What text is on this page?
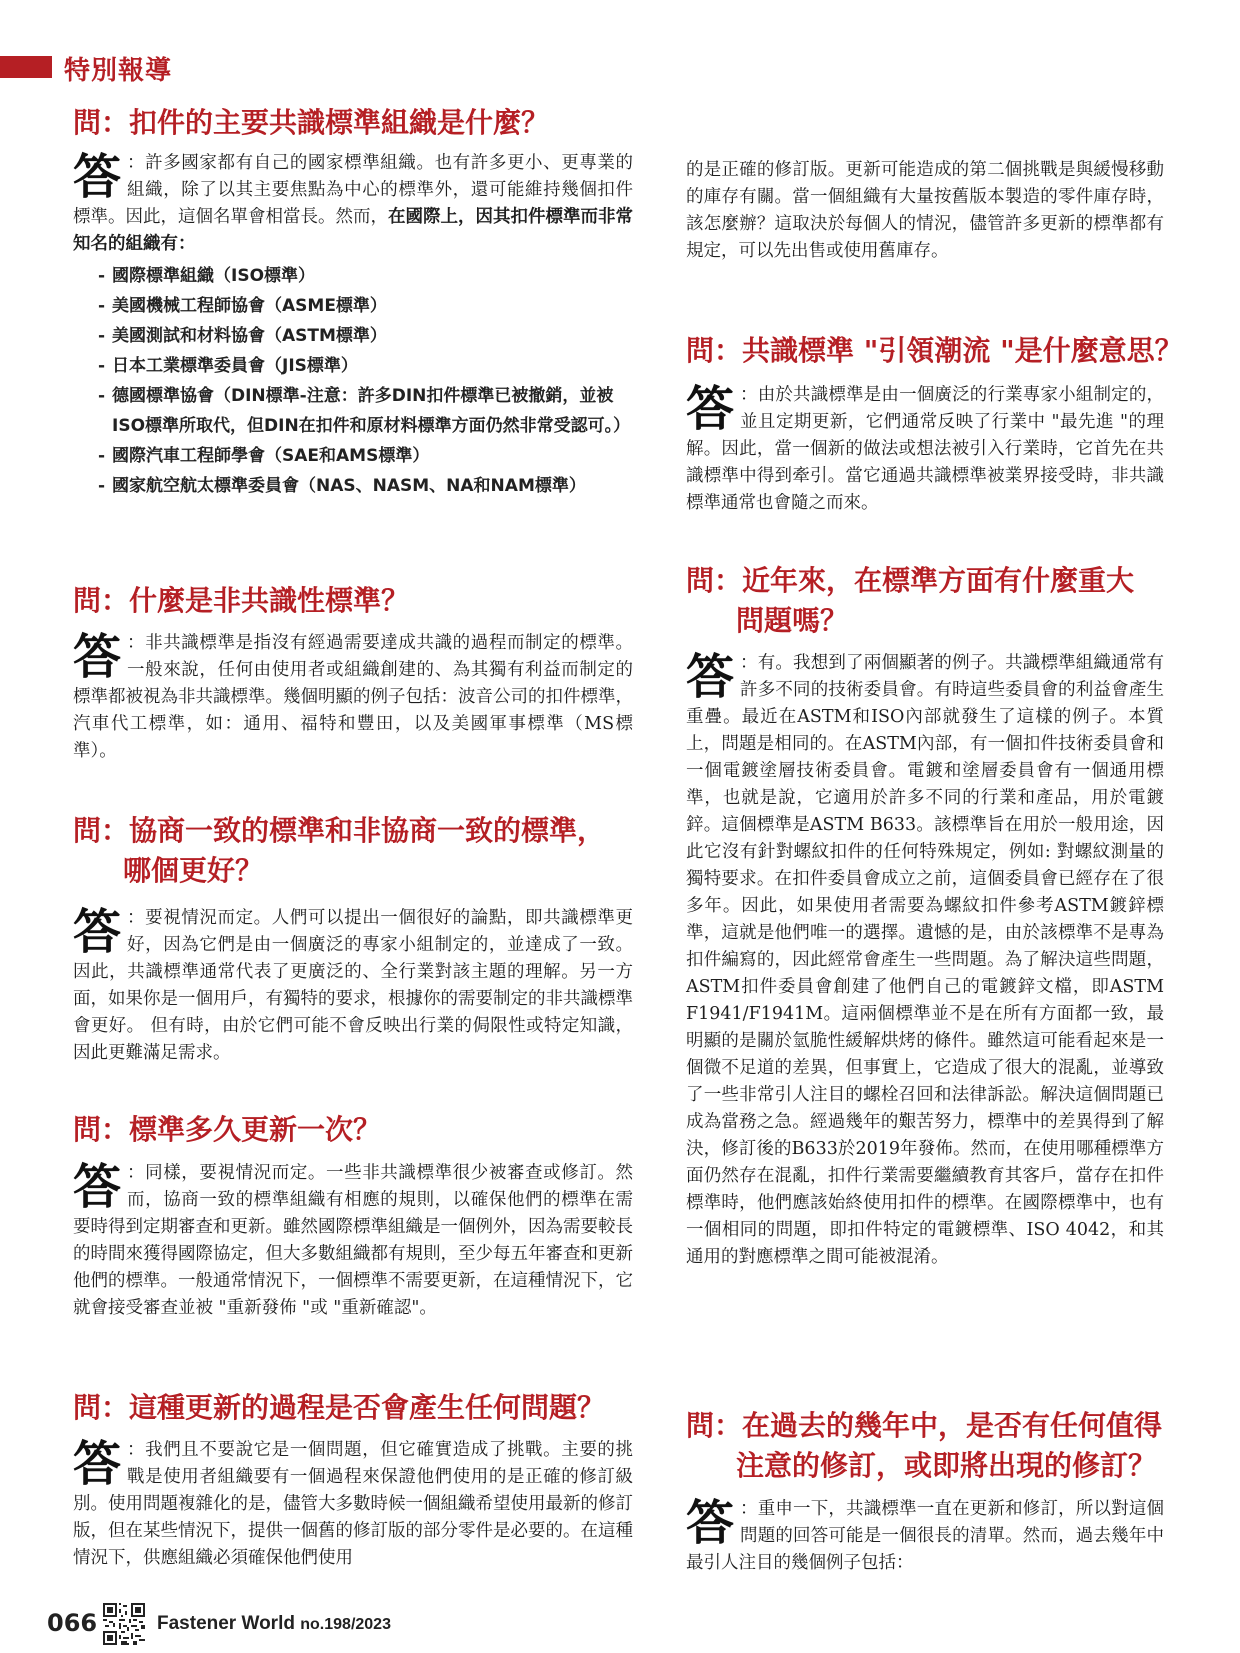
特別報導
問：扣件的主要共識標準組織是什麼？
答 ：許多國家都有自己的國家標準組織。也有許多更小、更專業的組織，除了以其主要焦點為中心的標準外，還可能維持幾個扣件標準。因此，這個名單會相當長。然而，在國際上，因其扣件標準而非常知名的組織有：
- 國際標準組織（ISO標準）
- 美國機械工程師協會（ASME標準）
- 美國測試和材料協會（ASTM標準）
- 日本工業標準委員會（JIS標準）
- 德國標準協會（DIN標準-注意：許多DIN扣件標準已被撤銷，並被ISO標準所取代，但DIN在扣件和原材料標準方面仍然非常受認可。）
- 國際汽車工程師學會（SAE和AMS標準）
- 國家航空航太標準委員會（NAS、NASM、NA和NAM標準）
問：什麼是非共識性標準？
答 ：非共識標準是指沒有經過需要達成共識的過程而制定的標準。一般來說，任何由使用者或組織創建的、為其獨有利益而制定的標準都被視為非共識標準。幾個明顯的例子包括：波音公司的扣件標準，汽車代工標準，如：通用、福特和豐田，以及美國軍事標準（MS標準）。
問：協商一致的標準和非協商一致的標準，
哪個更好？
答 ：要視情況而定。人們可以提出一個很好的論點，即共識標準更好，因為它們是由一個廣泛的專家小組制定的，並達成了一致。因此，共識標準通常代表了更廣泛的、全行業對該主題的理解。另一方面，如果你是一個用戶，有獨特的要求，根據你的需要制定的非共識標準會更好。 但有時，由於它們可能不會反映出行業的侷限性或特定知識，因此更難滿足需求。
問：標準多久更新一次？
答 ：同樣，要視情況而定。一些非共識標準很少被審查或修訂。然而，協商一致的標準組織有相應的規則，以確保他們的標準在需要時得到定期審查和更新。雖然國際標準組織是一個例外，因為需要較長的時間來獲得國際協定，但大多數組織都有規則，至少每五年審查和更新他們的標準。一般通常情況下，一個標準不需要更新，在這種情況下，它就會接受審查並被 "重新發佈 "或 "重新確認"。
問：這種更新的過程是否會產生任何問題？
答 ：我們且不要說它是一個問題，但它確實造成了挑戰。主要的挑戰是使用者組織要有一個過程來保證他們使用的是正確的修訂級別。使用問題複雜化的是，儘管大多數時候一個組織希望使用最新的修訂版，但在某些情況下，提供一個舊的修訂版的部分零件是必要的。在這種情況下，供應組織必須確保他們使用
的是正確的修訂版。更新可能造成的第二個挑戰是與緩慢移動的庫存有關。當一個組織有大量按舊版本製造的零件庫存時，該怎麼辦？這取決於每個人的情況，儘管許多更新的標準都有規定，可以先出售或使用舊庫存。
問：共識標準 "引領潮流 "是什麼意思？
答 ：由於共識標準是由一個廣泛的行業專家小組制定的，並且定期更新，它們通常反映了行業中 "最先進 "的理解。因此，當一個新的做法或想法被引入行業時，它首先在共識標準中得到牽引。當它通過共識標準被業界接受時，非共識標準通常也會隨之而來。
問：近年來，在標準方面有什麼重大
問題嗎？
答 ：有。我想到了兩個顯著的例子。共識標準組織通常有許多不同的技術委員會。有時這些委員會的利益會產生重疊。最近在ASTM和ISO內部就發生了這樣的例子。本質上，問題是相同的。在ASTM內部，有一個扣件技術委員會和一個電鍍塗層技術委員會。電鍍和塗層委員會有一個通用標準，也就是說，它適用於許多不同的行業和產品，用於電鍍鋅。這個標準是ASTM B633。該標準旨在用於一般用途，因此它沒有針對螺紋扣件的任何特殊規定，例如: 對螺紋測量的獨特要求。在扣件委員會成立之前，這個委員會已經存在了很多年。因此，如果使用者需要為螺紋扣件參考ASTM鍍鋅標準，這就是他們唯一的選擇。遺憾的是，由於該標準不是專為扣件編寫的，因此經常會產生一些問題。為了解決這些問題，ASTM扣件委員會創建了他們自己的電鍍鋅文檔，即ASTM F1941/F1941M。這兩個標準並不是在所有方面都一致，最明顯的是關於氫脆性緩解烘烤的條件。雖然這可能看起來是一個微不足道的差異，但事實上，它造成了很大的混亂，並導致了一些非常引人注目的螺栓召回和法律訴訟。解決這個問題已成為當務之急。經過幾年的艱苦努力，標準中的差異得到了解決，修訂後的B633於2019年發佈。然而，在使用哪種標準方面仍然存在混亂，扣件行業需要繼續教育其客戶，當存在扣件標準時，他們應該始終使用扣件的標準。在國際標準中，也有一個相同的問題，即扣件特定的電鍍標準、ISO 4042，和其通用的對應標準之間可能被混淆。
問：在過去的幾年中，是否有任何值得
注意的修訂，或即將出現的修訂？
答 ：重申一下，共識標準一直在更新和修訂，所以對這個問題的回答可能是一個很長的清單。然而，過去幾年中最引人注目的幾個例子包括：
066	Fastener World no.198/2023
